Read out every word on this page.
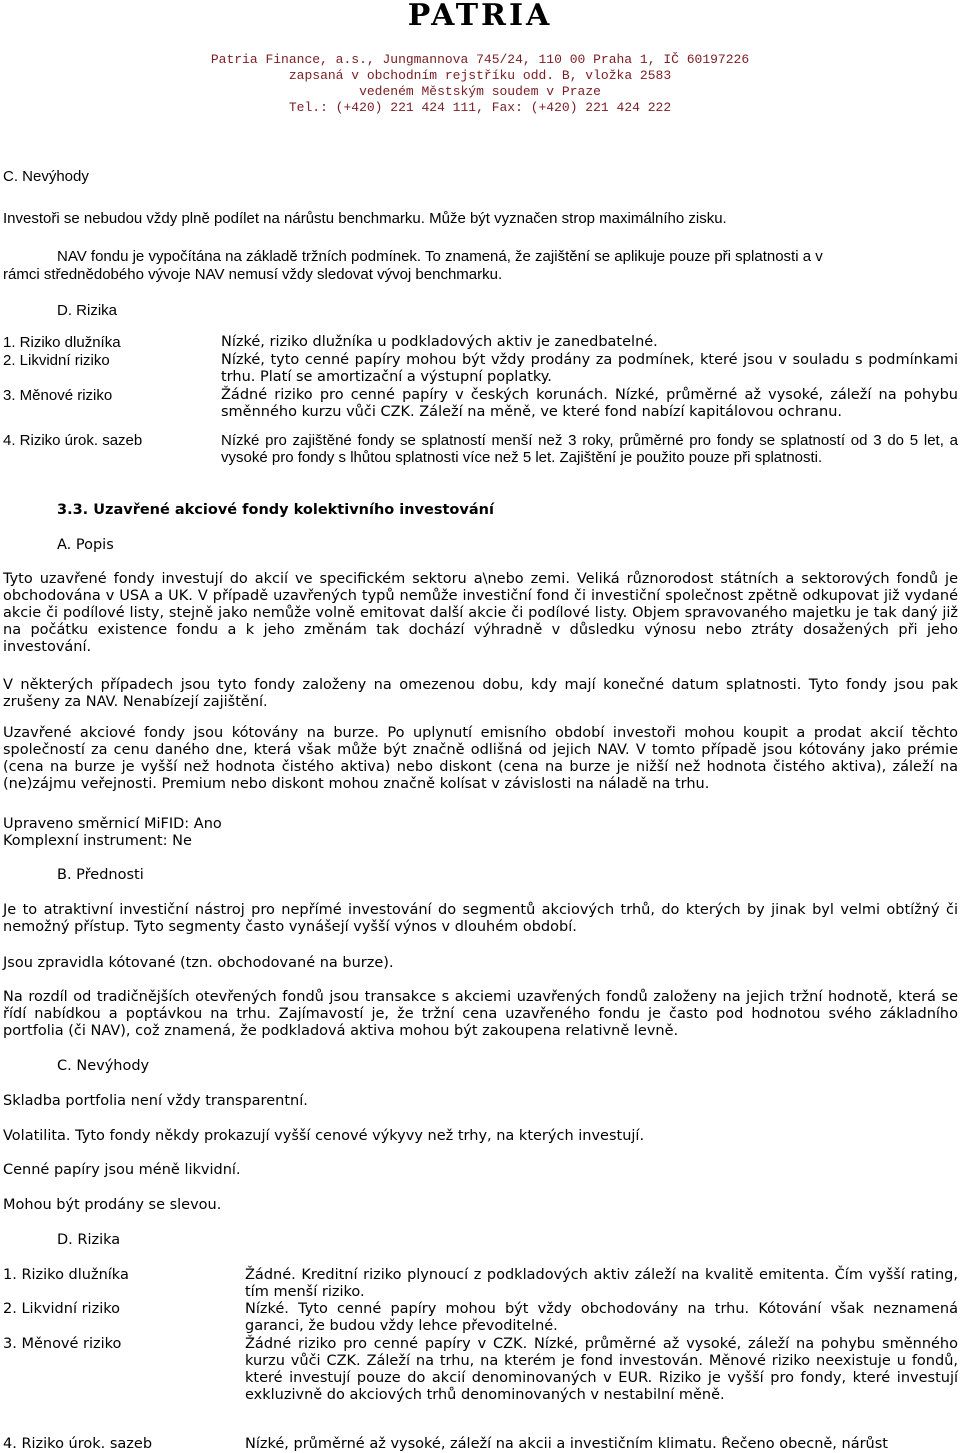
PATRIA
Patria Finance, a.s., Jungmannova 745/24, 110 00 Praha 1, IČ 60197226
zapsaná v obchodním rejstříku odd. B, vložka 2583
vedeném Městským soudem v Praze
Tel.: (+420) 221 424 111, Fax: (+420) 221 424 222
C. Nevýhody
Investoři se nebudou vždy plně podílet na nárůstu benchmarku. Může být vyznačen strop maximálního zisku.
NAV fondu je vypočítána na základě tržních podmínek. To znamená, že zajištění se aplikuje pouze při splatnosti a v
rámci střednědobého vývoje NAV nemusí vždy sledovat vývoj benchmarku.
D. Rizika
1. Riziko dlužníka	Nízké, riziko dlužníka u podkladových aktiv je zanedbatelné.
2. Likvidní riziko	Nízké, tyto cenné papíry mohou být vždy prodány za podmínek, které jsou v souladu s podmínkami trhu. Platí se amortizační a výstupní poplatky.
3. Měnové riziko	Žádné riziko pro cenné papíry v českých korunách. Nízké, průměrné až vysoké, záleží na pohybu směnného kurzu vůči CZK. Záleží na měně, ve které fond nabízí kapitálovou ochranu.
4. Riziko úrok. sazeb	Nízké pro zajištěné fondy se splatností menší než 3 roky, průměrné pro fondy se splatností od 3 do 5 let, a vysoké pro fondy s lhůtou splatnosti více než 5 let. Zajištění je použito pouze při splatnosti.
3.3. Uzavřené akciové fondy kolektivního investování
A. Popis
Tyto uzavřené fondy investují do akcií ve specifickém sektoru a\nebo zemi. Veliká různorodost státních a sektorových fondů je obchodována v USA a UK. V případě uzavřených typů nemůže investiční fond či investiční společnost zpětně odkupovat již vydané akcie či podílové listy, stejně jako nemůže volně emitovat další akcie či podílové listy. Objem spravovaného majetku je tak daný již na počátku existence fondu a k jeho změnám tak dochází výhradně v důsledku výnosu nebo ztráty dosažených při jeho investování.
V některých případech jsou tyto fondy založeny na omezenou dobu, kdy mají konečné datum splatnosti. Tyto fondy jsou pak zrušeny za NAV. Nenabízejí zajištění.
Uzavřené akciové fondy jsou kótovány na burze. Po uplynutí emisního období investoři mohou koupit a prodat akcií těchto společností za cenu daného dne, která však může být značně odlišná od jejich NAV. V tomto případě jsou kótovány jako prémie (cena na burze je vyšší než hodnota čistého aktiva) nebo diskont (cena na burze je nižší než hodnota čistého aktiva), záleží na (ne)zájmu veřejnosti. Premium nebo diskont mohou značně kolísat v závislosti na náladě na trhu.
Upraveno směrnicí MiFID: Ano
Komplexní instrument: Ne
B. Přednosti
Je to atraktivní investiční nástroj pro nepřímé investování do segmentů akciových trhů, do kterých by jinak byl velmi obtížný či nemožný přístup. Tyto segmenty často vynášejí vyšší výnos v dlouhém období.
Jsou zpravidla kótované (tzn. obchodované na burze).
Na rozdíl od tradičnějších otevřených fondů jsou transakce s akciemi uzavřených fondů založeny na jejich tržní hodnotě, která se řídí nabídkou a poptávkou na trhu. Zajímavostí je, že tržní cena uzavřeného fondu je často pod hodnotou svého základního portfolia (či NAV), což znamená, že podkladová aktiva mohou být zakoupena relativně levně.
C. Nevýhody
Skladba portfolia není vždy transparentní.
Volatilita. Tyto fondy někdy prokazují vyšší cenové výkyvy než trhy, na kterých investují.
Cenné papíry jsou méně likvidní.
Mohou být prodány se slevou.
D. Rizika
1. Riziko dlužníka	Žádné. Kreditní riziko plynoucí z podkladových aktiv záleží na kvalitě emitenta. Čím vyšší rating, tím menší riziko.
2. Likvidní riziko	Nízké. Tyto cenné papíry mohou být vždy obchodovány na trhu. Kótování však neznamená garanci, že budou vždy lehce převoditelné.
3. Měnové riziko	Žádné riziko pro cenné papíry v CZK. Nízké, průměrné až vysoké, záleží na pohybu směnného kurzu vůči CZK. Záleží na trhu, na kterém je fond investován. Měnové riziko neexistuje u fondů, které investují pouze do akcií denominovaných v EUR. Riziko je vyšší pro fondy, které investují exkluzivně do akciových trhů denominovaných v nestabilní měně.
4. Riziko úrok. sazeb	Nízké, průměrné až vysoké, záleží na akcii a investičním klimatu. Řečeno obecně, nárůst
